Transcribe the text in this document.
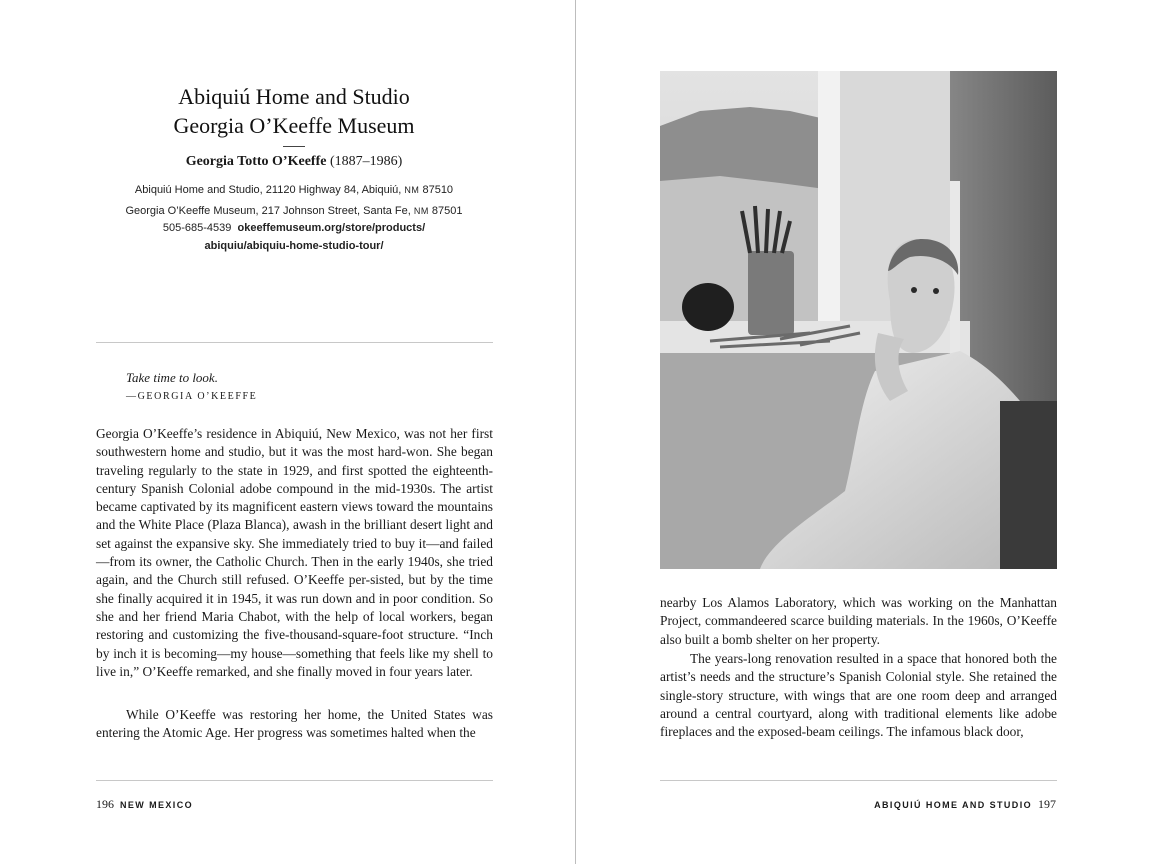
Abiquiú Home and Studio
Georgia O’Keeffe Museum
Georgia Totto O’Keeffe (1887–1986)
Abiquiú Home and Studio, 21120 Highway 84, Abiquiú, NM 87510
Georgia O’Keeffe Museum, 217 Johnson Street, Santa Fe, NM 87501
505-685-4539 okeeffemuseum.org/store/products/
abiquiu/abiquiu-home-studio-tour/
Take time to look.
—GEORGIA O’KEEFFE
Georgia O’Keeffe’s residence in Abiquiú, New Mexico, was not her first southwestern home and studio, but it was the most hard-won. She began traveling regularly to the state in 1929, and first spotted the eighteenth-century Spanish Colonial adobe compound in the mid-1930s. The artist became captivated by its magnificent eastern views toward the mountains and the White Place (Plaza Blanca), awash in the brilliant desert light and set against the expansive sky. She immediately tried to buy it—and failed—from its owner, the Catholic Church. Then in the early 1940s, she tried again, and the Church still refused. O’Keeffe per-sisted, but by the time she finally acquired it in 1945, it was run down and in poor condition. So she and her friend Maria Chabot, with the help of local workers, began restoring and customizing the five-thousand-square-foot structure. “Inch by inch it is becoming—my house—something that feels like my shell to live in,” O’Keeffe remarked, and she finally moved in four years later.
While O’Keeffe was restoring her home, the United States was entering the Atomic Age. Her progress was sometimes halted when the
196 NEW MEXICO
nearby Los Alamos Laboratory, which was working on the Manhattan Project, commandeered scarce building materials. In the 1960s, O’Keeffe also built a bomb shelter on her property.
The years-long renovation resulted in a space that honored both the artist’s needs and the structure’s Spanish Colonial style. She retained the single-story structure, with wings that are one room deep and arranged around a central courtyard, along with traditional elements like adobe fireplaces and the exposed-beam ceilings. The infamous black door,
ABIQUIÚ HOME AND STUDIO 197
